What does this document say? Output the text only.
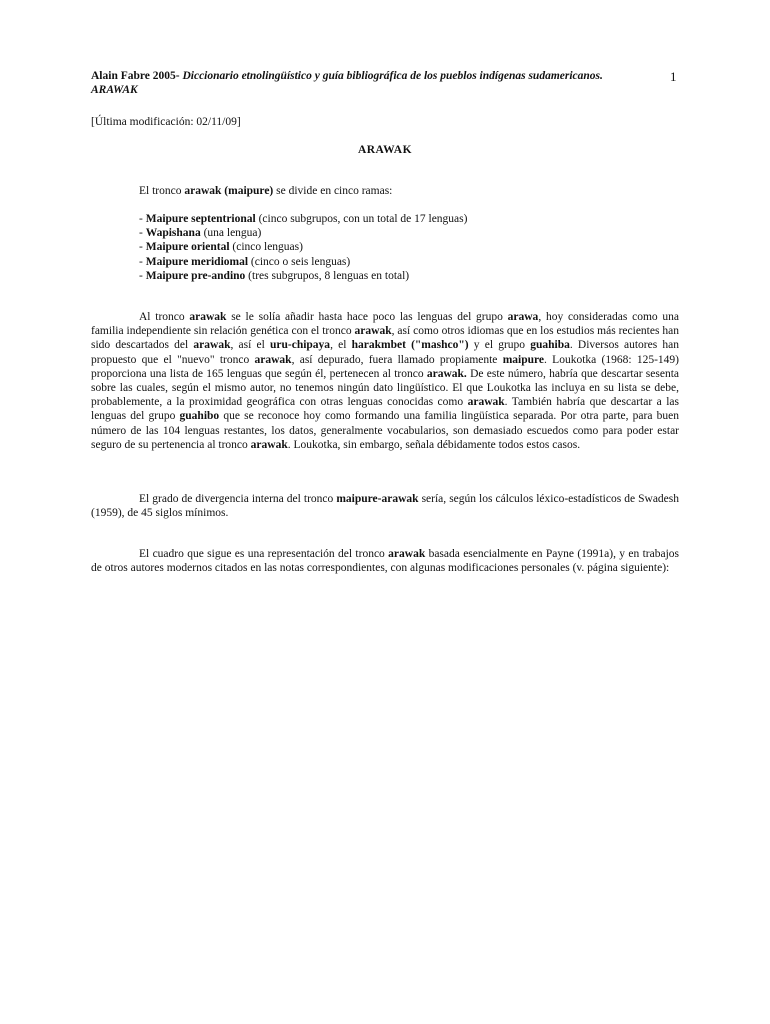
Alain Fabre 2005- Diccionario etnolingüístico y guía bibliográfica de los pueblos indígenas sudamericanos. ARAWAK
1
[Última modificación: 02/11/09]
ARAWAK
El tronco arawak (maipure) se divide en cinco ramas:
- Maipure septentrional (cinco subgrupos, con un total de 17 lenguas)
- Wapishana (una lengua)
- Maipure oriental (cinco lenguas)
- Maipure meridiomal (cinco o seis lenguas)
- Maipure pre-andino (tres subgrupos, 8 lenguas en total)

Al tronco arawak se le solía añadir hasta hace poco las lenguas del grupo arawa, hoy consideradas como una familia independiente sin relación genética con el tronco arawak, así como otros idiomas que en los estudios más recientes han sido descartados del arawak, así el uru-chipaya, el harakmbet ("mashco") y el grupo guahiba. Diversos autores han propuesto que el "nuevo" tronco arawak, así depurado, fuera llamado propiamente maipure. Loukotka (1968: 125-149) proporciona una lista de 165 lenguas que según él, pertenecen al tronco arawak. De este número, habría que descartar sesenta sobre las cuales, según el mismo autor, no tenemos ningún dato lingüístico. El que Loukotka las incluya en su lista se debe, probablemente, a la proximidad geográfica con otras lenguas conocidas como arawak. También habría que descartar a las lenguas del grupo guahibo que se reconoce hoy como formando una familia lingüística separada. Por otra parte, para buen número de las 104 lenguas restantes, los datos, generalmente vocabularios, son demasiado escuedos como para poder estar seguro de su pertenencia al tronco arawak. Loukotka, sin embargo, señala débidamente todos estos casos.

El grado de divergencia interna del tronco maipure-arawak sería, según los cálculos léxico-estadísticos de Swadesh (1959), de 45 siglos mínimos.

El cuadro que sigue es una representación del tronco arawak basada esencialmente en Payne (1991a), y en trabajos de otros autores modernos citados en las notas correspondientes, con algunas modificaciones personales (v. página siguiente):
